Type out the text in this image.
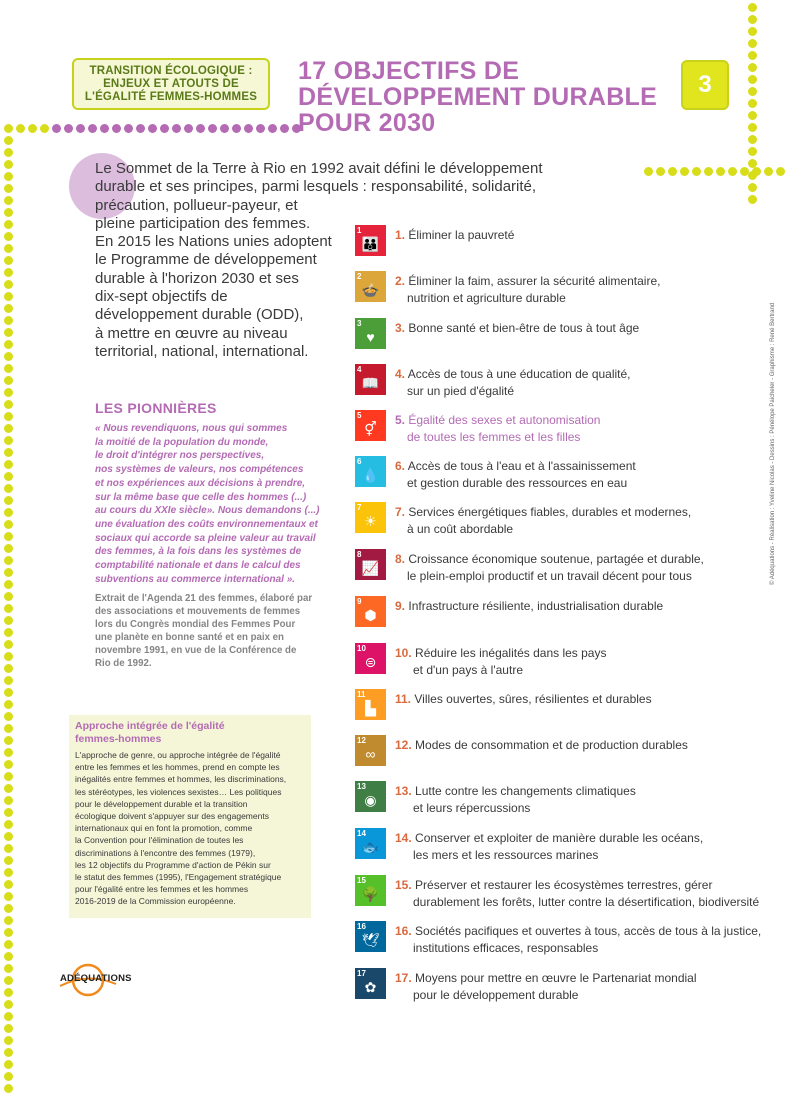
TRANSITION ÉCOLOGIQUE :
ENJEUX ET ATOUTS DE
L'ÉGALITÉ FEMMES-HOMMES
17 OBJECTIFS DE
DÉVELOPPEMENT DURABLE
POUR 2030
3
Le Sommet de la Terre à Rio en 1992 avait défini le développement
durable et ses principes, parmi lesquels : responsabilité, solidarité,
précaution, pollueur-payeur, et
pleine participation des femmes.
En 2015 les Nations unies adoptent
le Programme de développement
durable à l'horizon 2030 et ses
dix-sept objectifs de
développement durable (ODD),
à mettre en œuvre au niveau
territorial, national, international.
LES PIONNIÈRES
« Nous revendiquons, nous qui sommes
la moitié de la population du monde,
le droit d'intégrer nos perspectives,
nos systèmes de valeurs, nos compétences
et nos expériences aux décisions à prendre,
sur la même base que celle des hommes (...)
au cours du XXIe siècle». Nous demandons (...)
une évaluation des coûts environnementaux et
sociaux qui accorde sa pleine valeur au travail
des femmes, à la fois dans les systèmes de
comptabilité nationale et dans le calcul des
subventions au commerce international ».
Extrait de l'Agenda 21 des femmes, élaboré par
des associations et mouvements de femmes
lors du Congrès mondial des Femmes Pour
une planète en bonne santé et en paix en
novembre 1991, en vue de la Conférence de
Rio de 1992.
Approche intégrée de l'égalité
femmes-hommes
L'approche de genre, ou approche intégrée de l'égalité
entre les femmes et les hommes, prend en compte les
inégalités entre femmes et hommes, les discriminations,
les stéréotypes, les violences sexistes… Les politiques
pour le développement durable et la transition
écologique doivent s'appuyer sur des engagements
internationaux qui en font la promotion, comme
la Convention pour l'élimination de toutes les
discriminations à l'encontre des femmes (1979),
les 12 objectifs du Programme d'action de Pékin sur
le statut des femmes (1995), l'Engagement stratégique
pour l'égalité entre les femmes et les hommes
2016-2019 de la Commission européenne.
ADÉQUATIONS
1
👪
1. Éliminer la pauvreté
2
🍲
2. Éliminer la faim, assurer la sécurité alimentaire,
nutrition et agriculture durable
3
♥
3. Bonne santé et bien-être de tous à tout âge
4
📖
4. Accès de tous à une éducation de qualité,
sur un pied d'égalité
5
⚥
5. Égalité des sexes et autonomisation
de toutes les femmes et les filles
6
💧
6. Accès de tous à l'eau et à l'assainissement
et gestion durable des ressources en eau
7
☀
7. Services énergétiques fiables, durables et modernes,
à un coût abordable
8
📈
8. Croissance économique soutenue, partagée et durable,
le plein-emploi productif et un travail décent pour tous
9
⬢
9. Infrastructure résiliente, industrialisation durable
10
⊜
10. Réduire les inégalités dans les pays
et d'un pays à l'autre
11
▙
11. Villes ouvertes, sûres, résilientes et durables
12
∞
12. Modes de consommation et de production durables
13
◉
13. Lutte contre les changements climatiques
et leurs répercussions
14
🐟
14. Conserver et exploiter de manière durable les océans,
les mers et les ressources marines
15
🌳
15. Préserver et restaurer les écosystèmes terrestres, gérer
durablement les forêts, lutter contre la désertification, biodiversité
16
🕊
16. Sociétés pacifiques et ouvertes à tous, accès de tous à la justice,
institutions efficaces, responsables
17
✿
17. Moyens pour mettre en œuvre le Partenariat mondial
pour le développement durable
© Adéquations - Réalisation : Yveline Nicolas - Dessins : Pénélope Paicheler - Graphisme : René Bertrand
